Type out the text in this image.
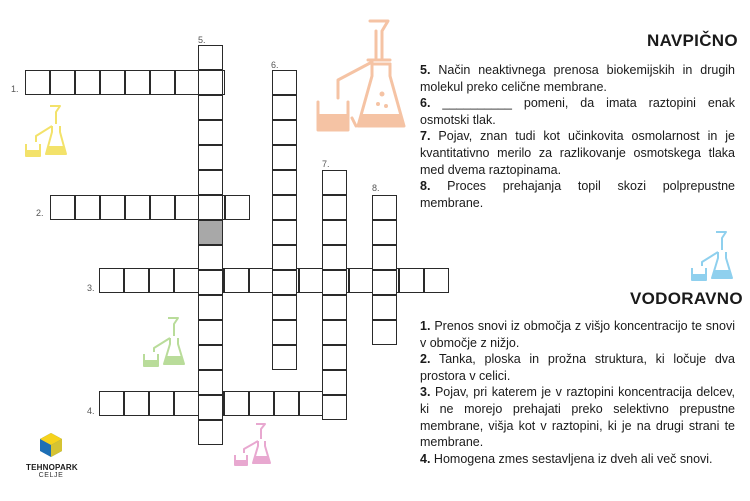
1.
2.
3.
4.
5.
6.
7.
8.
NAVPIČNO
VODORAVNO

5. Način neaktivnega prenosa biokemijskih in drugih molekul preko celične membrane.

6. __________ pomeni, da imata raztopini enak osmotski tlak.

7. Pojav, znan tudi kot učinkovita osmolarnost in je kvantitativno merilo za razlikovanje osmotskega tlaka med dvema raztopinama.

8. Proces prehajanja topil skozi polprepustne membrane.

1. Prenos snovi iz območja z višjo koncentracijo te snovi v območje z nižjo.

2. Tanka, ploska in prožna struktura, ki ločuje dva prostora v celici.

3. Pojav, pri katerem je v raztopini koncentracija delcev, ki ne morejo prehajati preko selektivno prepustne membrane, višja kot v raztopini, ki je na drugi strani te membrane.

4. Homogena zmes sestavljena iz dveh ali več snovi.

TEHNOPARK
CELJE
